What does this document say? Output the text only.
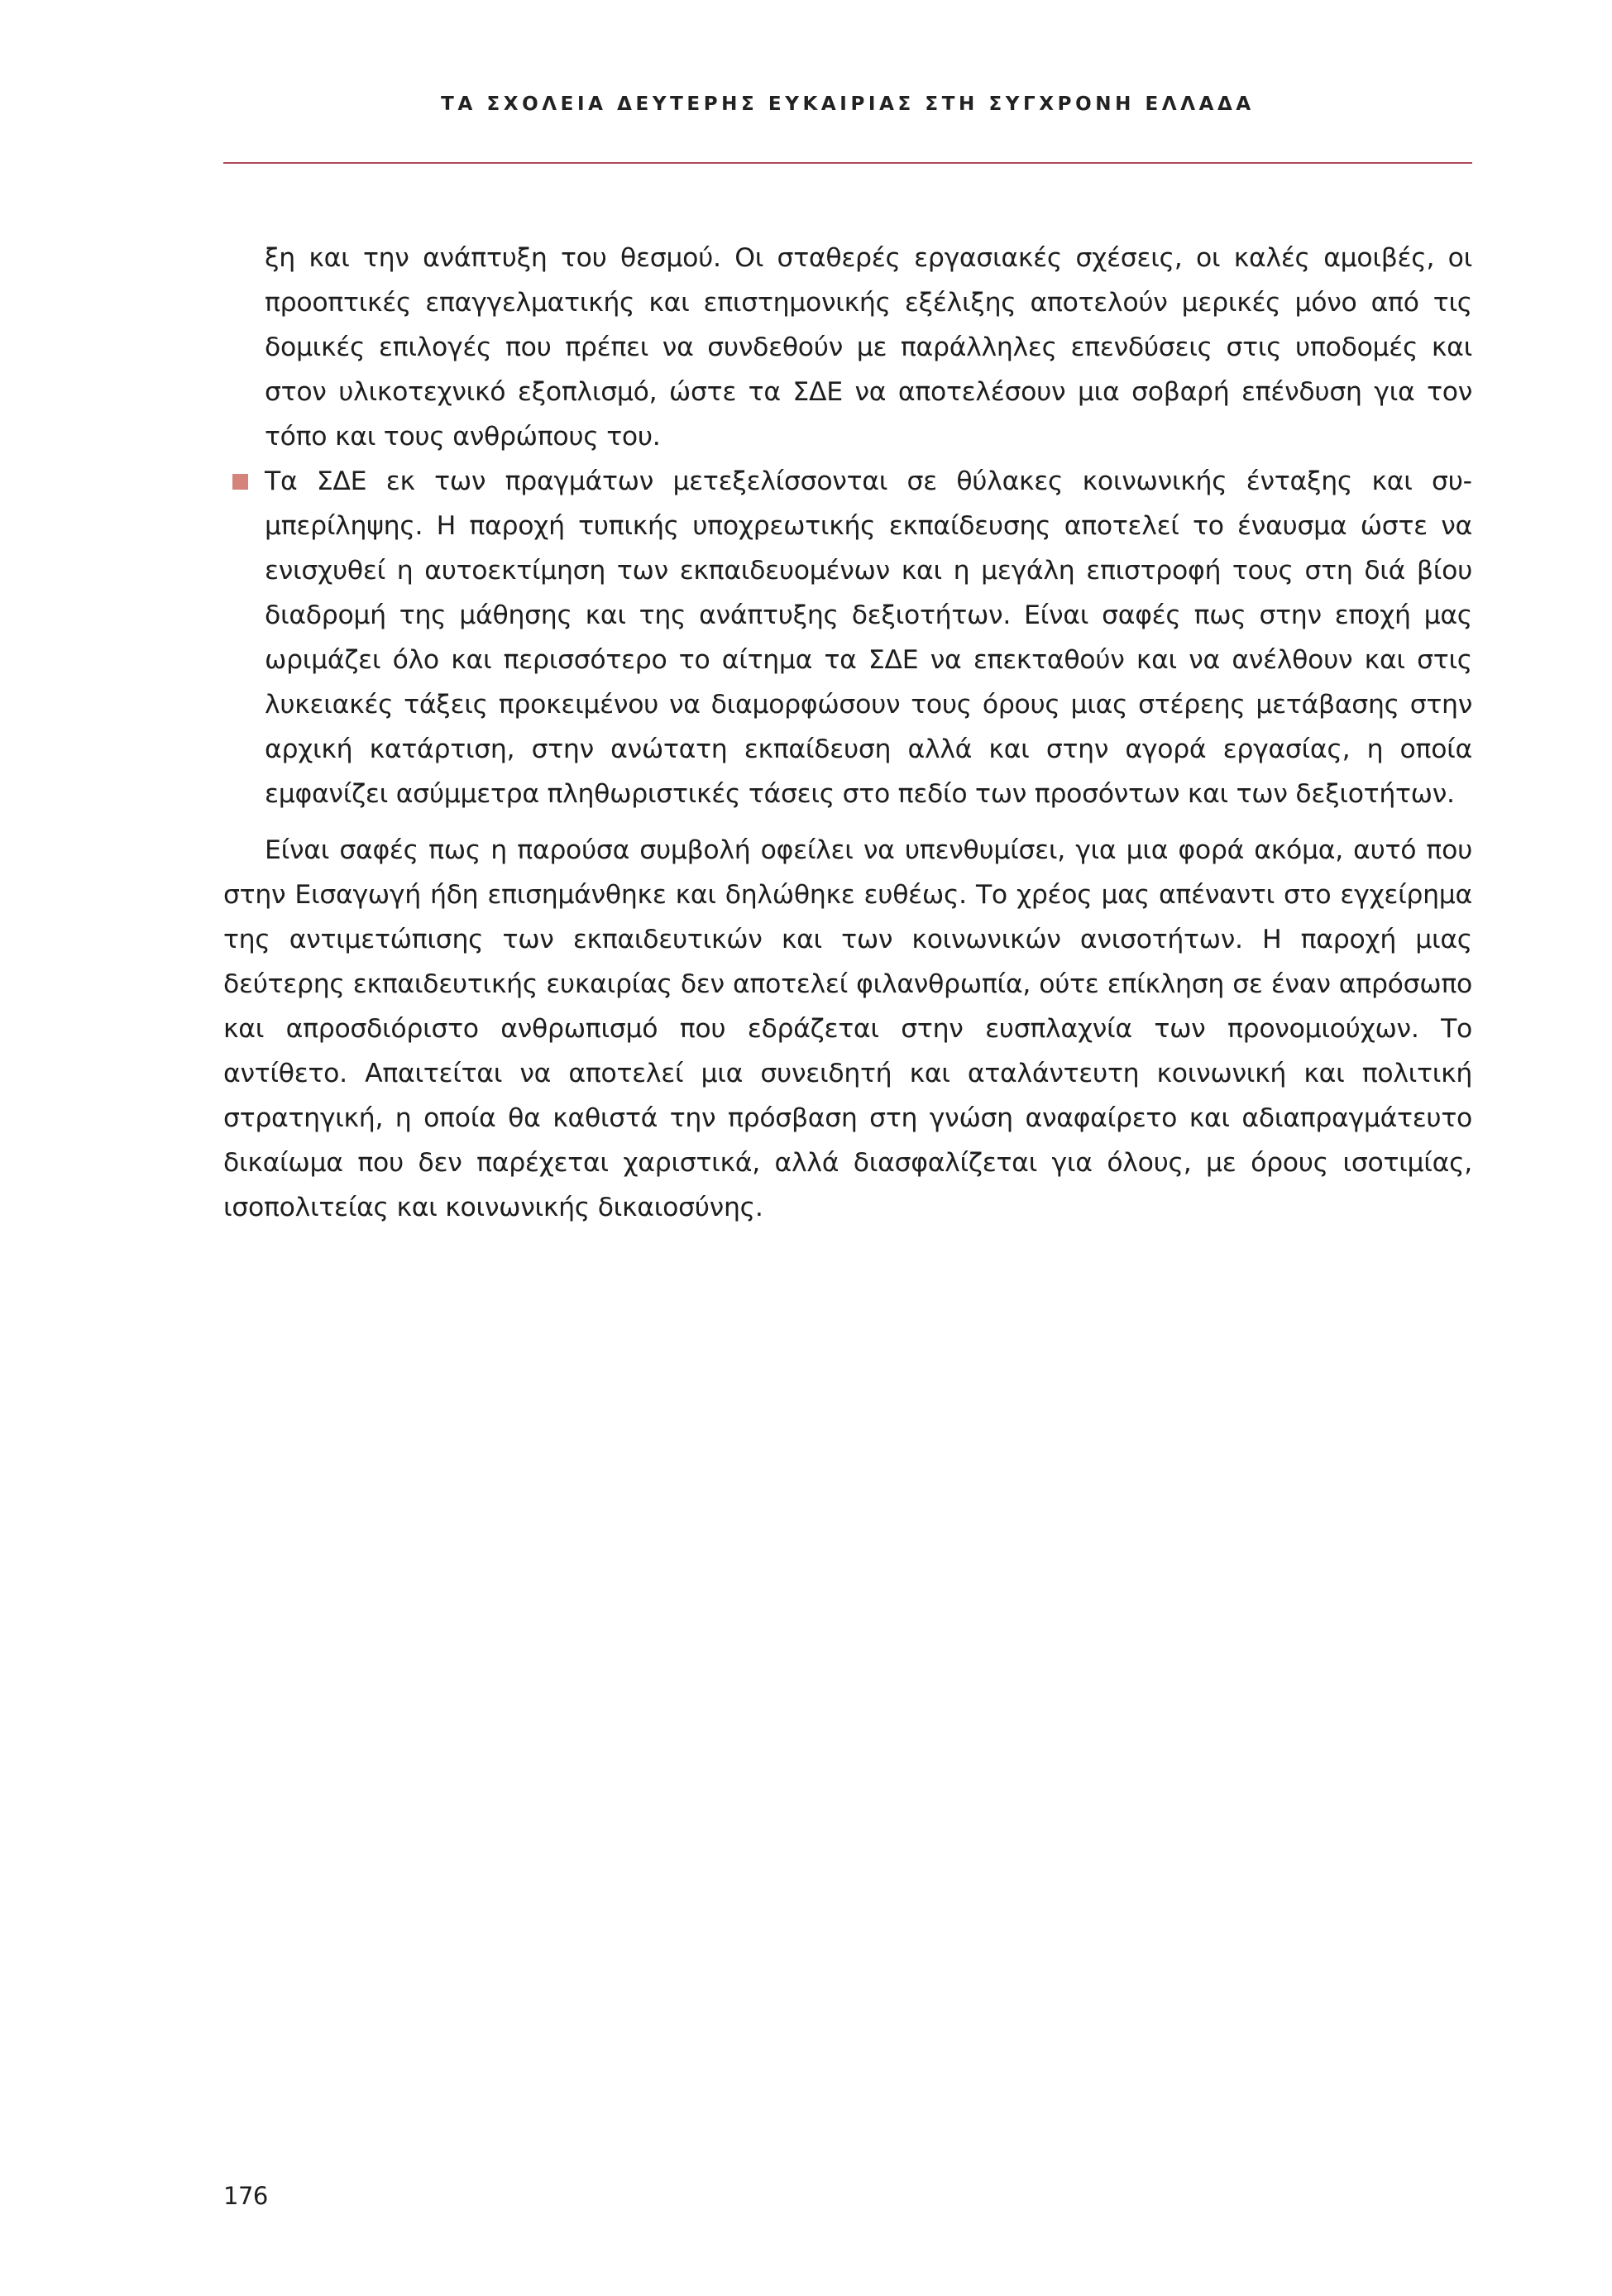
ΤΑ ΣΧΟΛΕΙΑ ΔΕΥΤΕΡΗΣ ΕΥΚΑΙΡΙΑΣ ΣΤΗ ΣΥΓΧΡΟΝΗ ΕΛΛΑΔΑ

ξη και την ανάπτυξη του θεσμού. Οι σταθερές εργασιακές σχέσεις, οι καλές αμοιβές, οι προοπτικές επαγγελματικής και επιστημονικής εξέλιξης αποτελούν μερικές μόνο από τις δομικές επιλογές που πρέπει να συνδεθούν με παράλληλες επενδύσεις στις υποδομές και στον υλικοτεχνικό εξοπλισμό, ώστε τα ΣΔΕ να αποτελέσουν μια σοβαρή επένδυση για τον τόπο και τους ανθρώπους του.

Τα ΣΔΕ εκ των πραγμάτων μετεξελίσσονται σε θύλακες κοινωνικής ένταξης και συμπερίληψης. Η παροχή τυπικής υποχρεωτικής εκπαίδευσης αποτελεί το έναυσμα ώστε να ενισχυθεί η αυτοεκτίμηση των εκπαιδευομένων και η μεγάλη επιστροφή τους στη διά βίου διαδρομή της μάθησης και της ανάπτυξης δεξιοτήτων. Είναι σαφές πως στην εποχή μας ωριμάζει όλο και περισσότερο το αίτημα τα ΣΔΕ να επεκταθούν και να ανέλθουν και στις λυκειακές τάξεις προκειμένου να διαμορφώσουν τους όρους μιας στέρεης μετάβασης στην αρχική κατάρτιση, στην ανώτατη εκπαίδευση αλλά και στην αγορά εργασίας, η οποία εμφανίζει ασύμμετρα πληθωριστικές τάσεις στο πεδίο των προσόντων και των δεξιοτήτων.

Είναι σαφές πως η παρούσα συμβολή οφείλει να υπενθυμίσει, για μια φορά ακόμα, αυτό που στην Εισαγωγή ήδη επισημάνθηκε και δηλώθηκε ευθέως. Το χρέος μας απέναντι στο εγχείρημα της αντιμετώπισης των εκπαιδευτικών και των κοινωνικών ανισοτήτων. Η παροχή μιας δεύτερης εκπαιδευτικής ευκαιρίας δεν αποτελεί φιλανθρωπία, ούτε επίκληση σε έναν απρόσωπο και απροσδιόριστο ανθρωπισμό που εδράζεται στην ευσπλαχνία των προνομιούχων. Το αντίθετο. Απαιτείται να αποτελεί μια συνειδητή και αταλάντευτη κοινωνική και πολιτική στρατηγική, η οποία θα καθιστά την πρόσβαση στη γνώση αναφαίρετο και αδιαπραγμάτευτο δικαίωμα που δεν παρέχεται χαριστικά, αλλά διασφαλίζεται για όλους, με όρους ισοτιμίας, ισοπολιτείας και κοινωνικής δικαιοσύνης.

176
